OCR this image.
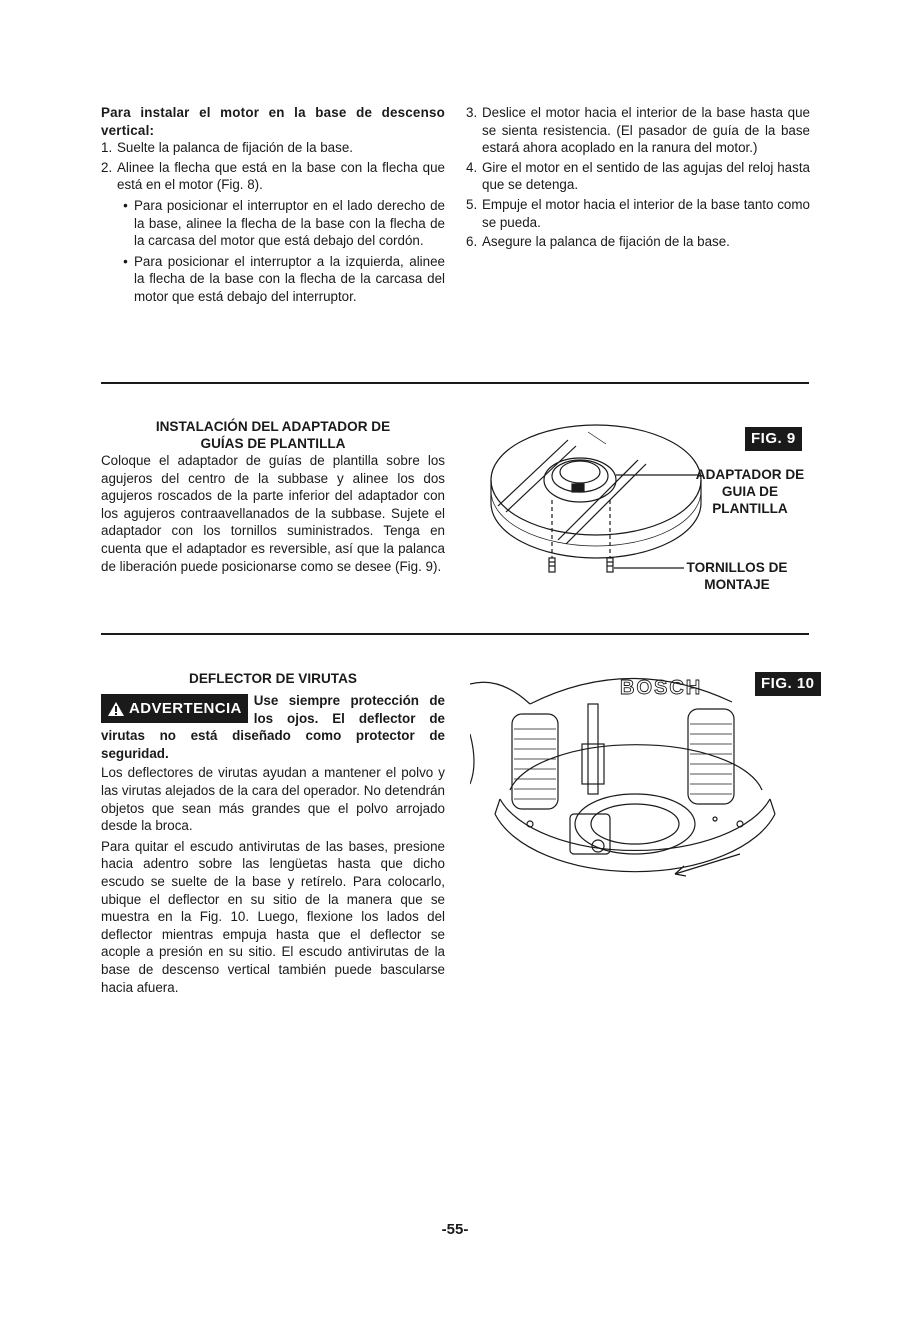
Para instalar el motor en la base de descenso vertical:

1. Suelte la palanca de fijación de la base.
2. Alinee la flecha que está en la base con la flecha que está en el motor (Fig. 8).
• Para posicionar el interruptor en el lado derecho de la base, alinee la flecha de la base con la flecha de la carcasa del motor que está debajo del cordón.
• Para posicionar el interruptor a la izquierda, alinee la flecha de la base con la flecha de la carcasa del motor que está debajo del interruptor.
3. Deslice el motor hacia el interior de la base hasta que se sienta resistencia. (El pasador de guía de la base estará ahora acoplado en la ranura del motor.)
4. Gire el motor en el sentido de las agujas del reloj hasta que se detenga.
5. Empuje el motor hacia el interior de la base tanto como se pueda.
6. Asegure la palanca de fijación de la base.
INSTALACIÓN DEL ADAPTADOR DE
GUÍAS DE PLANTILLA

Coloque el adaptador de guías de plantilla sobre los agujeros del centro de la subbase y alinee los dos agujeros roscados de la parte inferior del adaptador con los agujeros contraavellanados de la subbase. Sujete el adaptador con los tornillos suministrados. Tenga en cuenta que el adaptador es reversible, así que la palanca de liberación puede posicionarse como se desee (Fig. 9).

FIG. 9
ADAPTADOR DE
GUIA DE
PLANTILLA
TORNILLOS DE
MONTAJE
DEFLECTOR DE VIRUTAS
ADVERTENCIA Use siempre protección de los ojos. El deflector de virutas no está diseñado como protector de seguridad.

Los deflectores de virutas ayudan a mantener el polvo y las virutas alejados de la cara del operador. No detendrán objetos que sean más grandes que el polvo arrojado desde la broca.

Para quitar el escudo antivirutas de las bases, presione hacia adentro sobre las lengüetas hasta que dicho escudo se suelte de la base y retírelo. Para colocarlo, ubique el deflector en su sitio de la manera que se muestra en la Fig. 10. Luego, flexione los lados del deflector mientras empuja hasta que el deflector se acople a presión en su sitio. El escudo antivirutas de la base de descenso vertical también puede bascularse hacia afuera.

FIG. 10
BOSCH
-55-
